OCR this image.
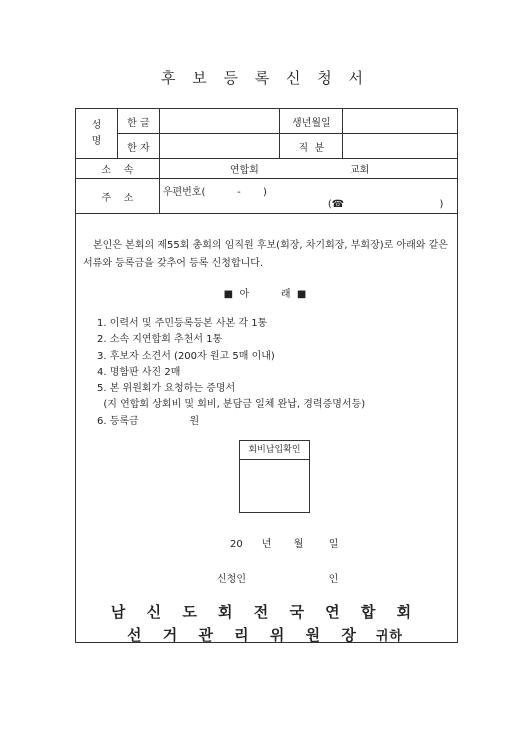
후 보 등 록 신 청 서
성
명	한 글		생년월일	
	한 자		직  분	
소    속		연합회 교회		
주    소		우편번호(          -       )
(☎                              )		
본인은 본회의 제55회 총회의 임직원 후보(회장, 차기회장, 부회장)로 아래와 같은 서류와 등록금을 갖추어 등록 신청합니다.
■  아          래  ■
1. 이력서 및 주민등록등본 사본 각 1통
2. 소속 지연합회 추천서 1통
3. 후보자 소견서 (200자 원고 5매 이내)
4. 명함판 사진 2매
5. 본 위원회가 요청하는 증명서
(지 연합회 상회비 및 회비, 분담금 일체 완납, 경력증명서등)
6. 등록금                원
회비납입확인
20      년       월        일
신청인                          인
남 신 도 회 전 국 연 합 회
선 거 관 리 위 원 장 귀하
